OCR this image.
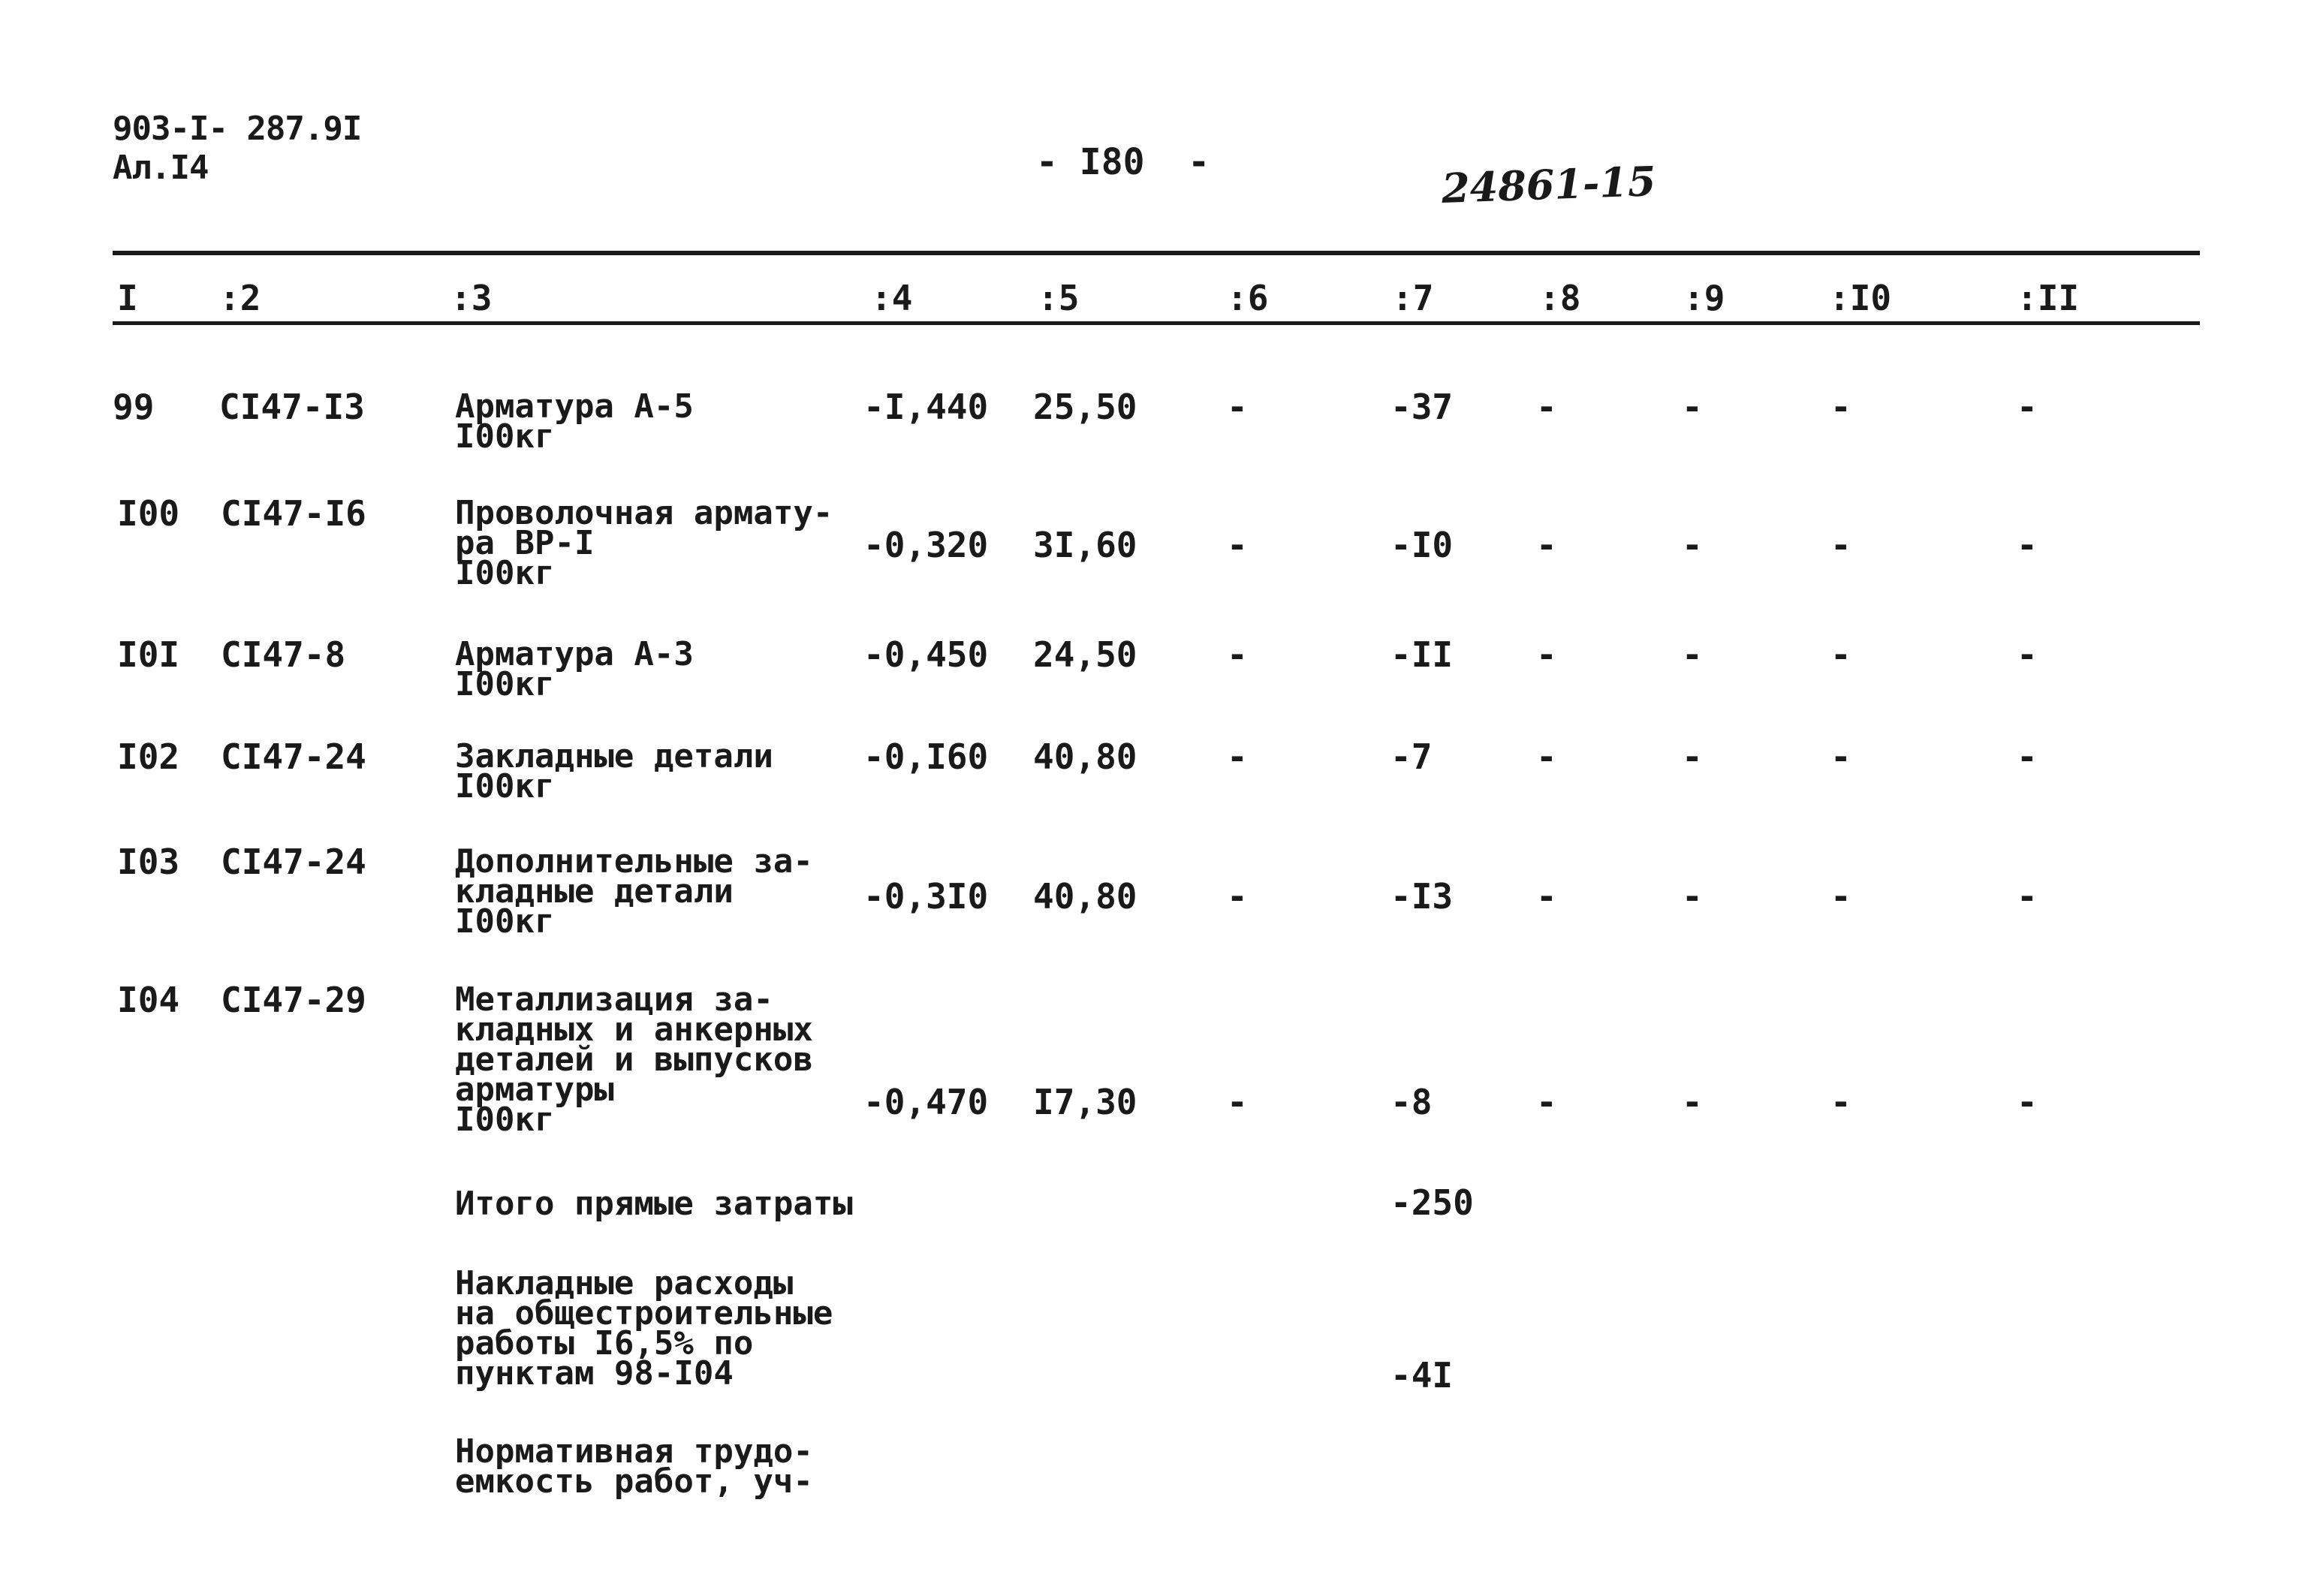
903-I- 287.9I
Ал.I4	- I80  -	24861-15
I :2	:3	:4	:5	:6	:7	:8	:9	:I0	:II
99 CI47-I3	Арматура А-5
I00кг
-I,440 25,50	-	-37 -	-	-	-
I00 CI47-I6	Проволочная армату-
ра ВР-I
I00кг
-0,320 3I,60	-	-I0 -	-	-	-
I0I CI47-8	Арматура А-3
I00кг
-0,450 24,50	-	-II -	-	-	-
I02 CI47-24	Закладные детали
I00кг
-0,I60 40,80	-	-7	-	-	-	-
I03 CI47-24	Дополнительные за-
кладные детали
I00кг
-0,3I0 40,80	-	-I3 -	-	-	-
I04 CI47-29	Металлизация за-
кладных и анкерных
деталей и выпусков
арматуры
I00кг	-0,470 I7,30	-	-8	-	-	-	-
Итого прямые затраты	-250
Накладные расходы
на общестроительные
работы I6,5% по
пунктам 98-I04	-4I
Нормативная трудо-
емкость работ, уч-
